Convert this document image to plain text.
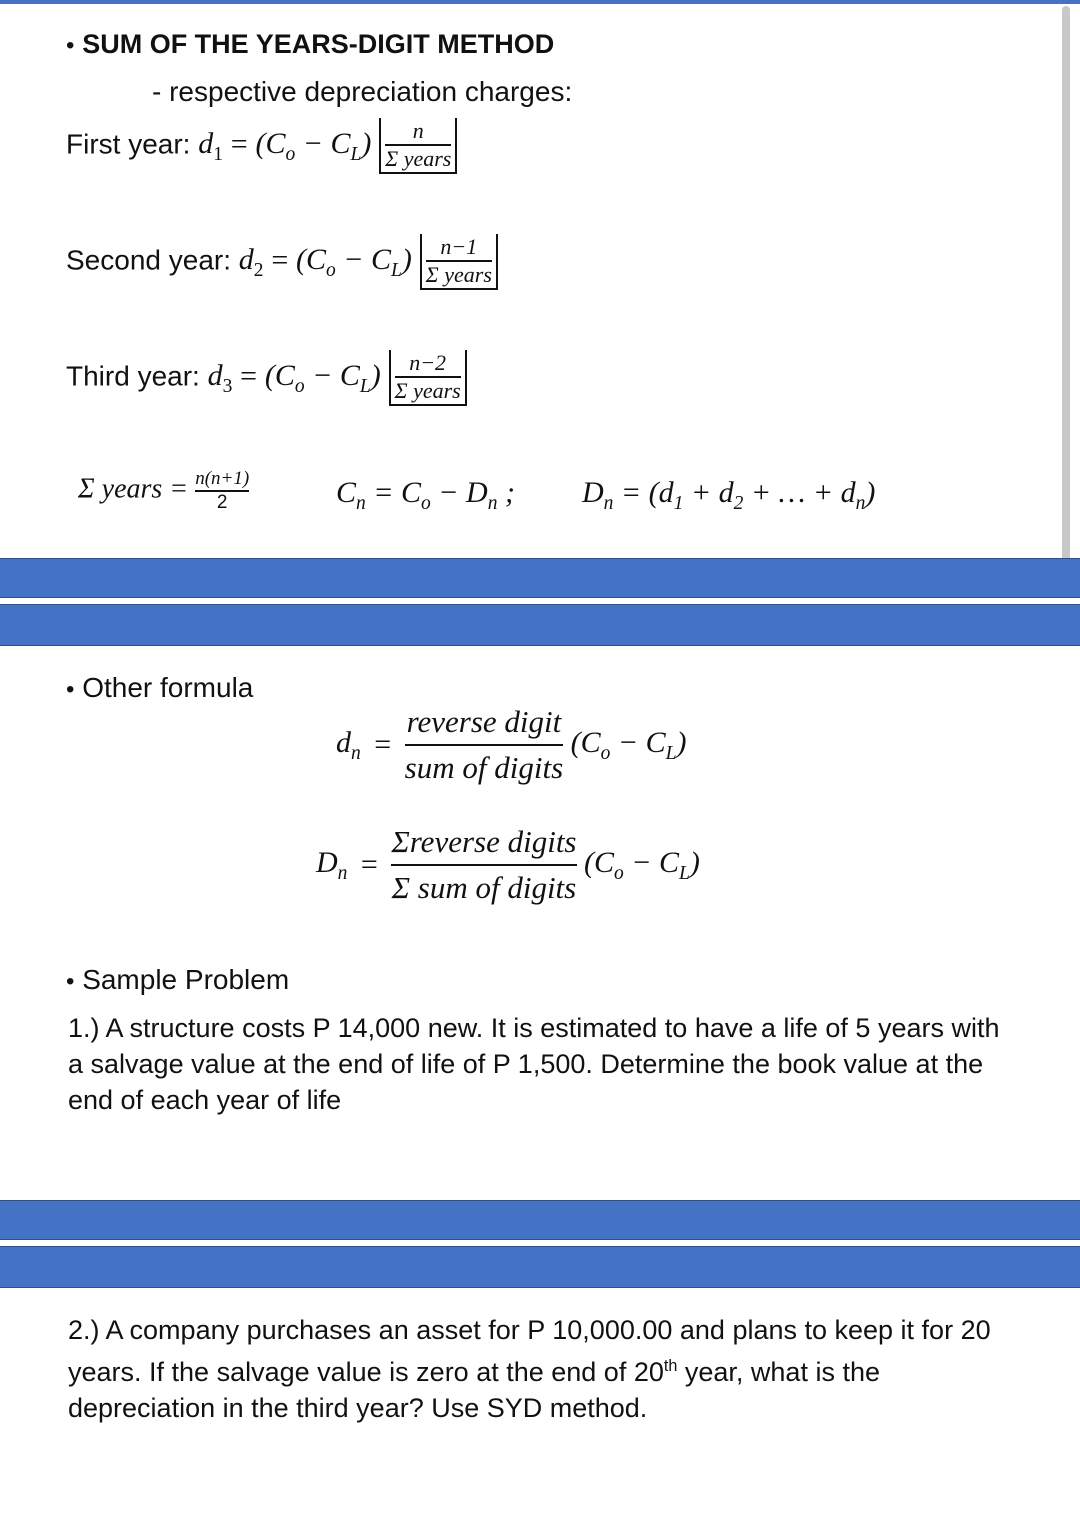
• SUM OF THE YEARS-DIGIT METHOD
- respective depreciation charges:
First year: $d_1 = (C_o - C_L) \frac{n}{\text{Σ years}}$
Second year: $d_2 = (C_o - C_L) \frac{n-1}{\text{Σ years}}$
Third year: $d_3 = (C_o - C_L) \frac{n-2}{\text{Σ years}}$
Σ years = $\frac{n(n+1)}{2}$	$C_n = C_o - D_n$ ; $D_n = (d_1 + d_2$ + … + $d_n$)
• Other formula
$d_n = \frac{\text{reverse digit}}{\text{sum of digits}} (C_o - C_L)$
$D_n = \frac{\text{Σreverse digits}}{\text{Σ sum of digits}} (C_o - C_L)$
• Sample Problem
1.) A structure costs P 14,000 new. It is estimated to have a life of 5 years with a salvage value at the end of life of P 1,500. Determine the book value at the end of each year of life
2.) A company purchases an asset for P 10,000.00 and plans to keep it for 20 years. If the salvage value is zero at the end of 20th year, what is the depreciation in the third year? Use SYD method.
